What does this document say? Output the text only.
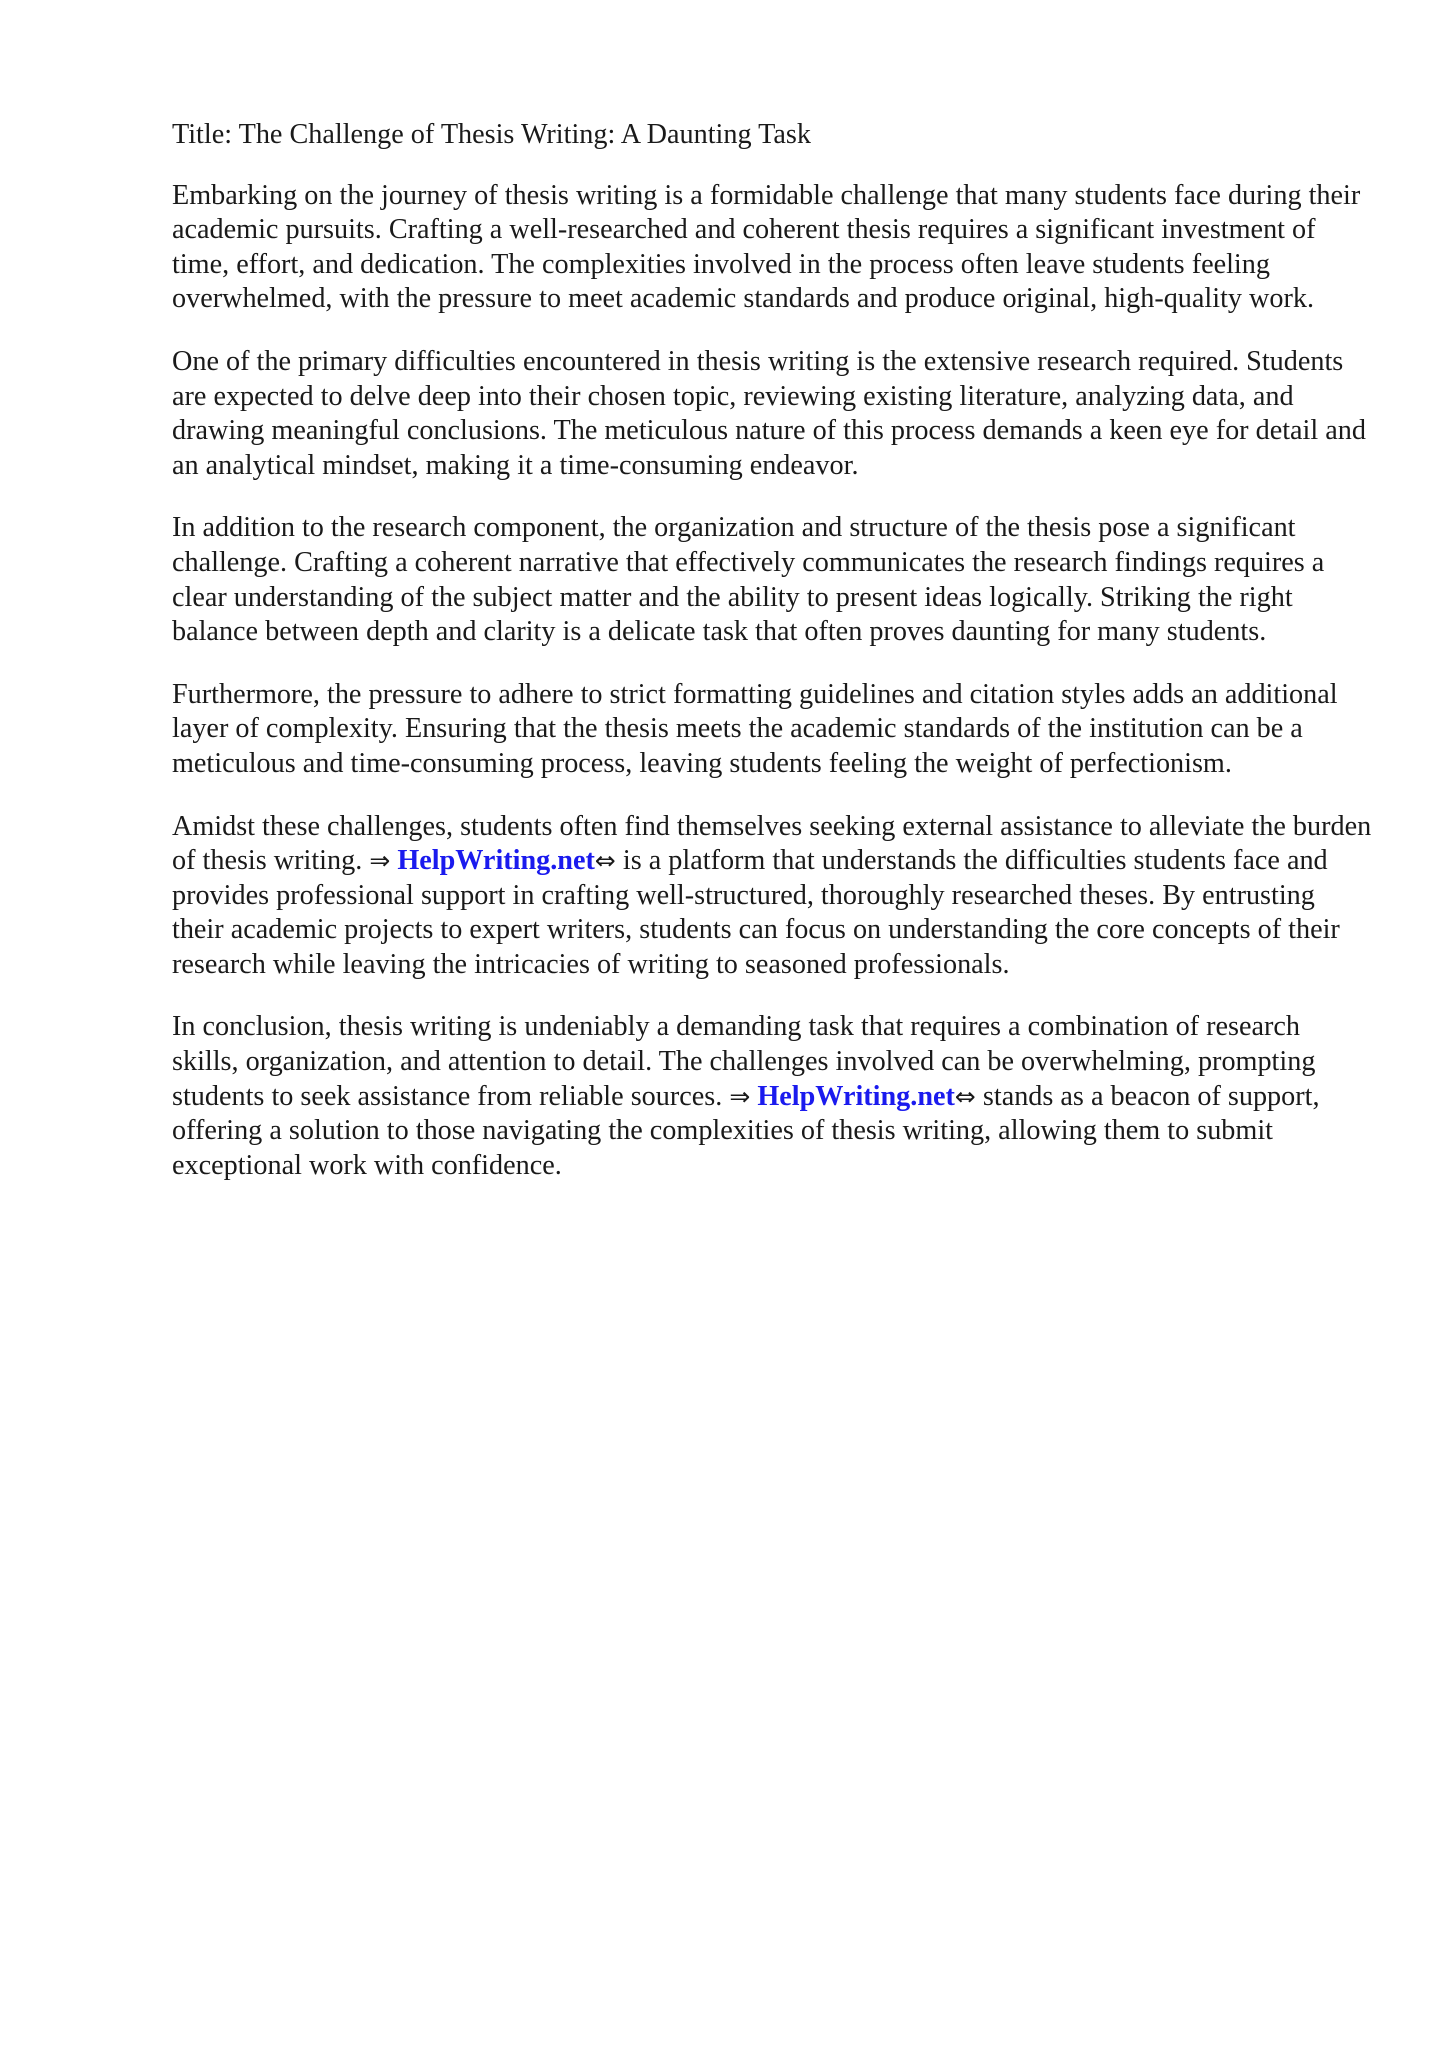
Title: The Challenge of Thesis Writing: A Daunting Task

Embarking on the journey of thesis writing is a formidable challenge that many students face during their academic pursuits. Crafting a well-researched and coherent thesis requires a significant investment of time, effort, and dedication. The complexities involved in the process often leave students feeling overwhelmed, with the pressure to meet academic standards and produce original, high-quality work.

One of the primary difficulties encountered in thesis writing is the extensive research required. Students are expected to delve deep into their chosen topic, reviewing existing literature, analyzing data, and drawing meaningful conclusions. The meticulous nature of this process demands a keen eye for detail and an analytical mindset, making it a time-consuming endeavor.

In addition to the research component, the organization and structure of the thesis pose a significant challenge. Crafting a coherent narrative that effectively communicates the research findings requires a clear understanding of the subject matter and the ability to present ideas logically. Striking the right balance between depth and clarity is a delicate task that often proves daunting for many students.

Furthermore, the pressure to adhere to strict formatting guidelines and citation styles adds an additional layer of complexity. Ensuring that the thesis meets the academic standards of the institution can be a meticulous and time-consuming process, leaving students feeling the weight of perfectionism.

Amidst these challenges, students often find themselves seeking external assistance to alleviate the burden of thesis writing. ⇒ HelpWriting.net⇔ is a platform that understands the difficulties students face and provides professional support in crafting well-structured, thoroughly researched theses. By entrusting their academic projects to expert writers, students can focus on understanding the core concepts of their research while leaving the intricacies of writing to seasoned professionals.

In conclusion, thesis writing is undeniably a demanding task that requires a combination of research skills, organization, and attention to detail. The challenges involved can be overwhelming, prompting students to seek assistance from reliable sources. ⇒ HelpWriting.net⇔ stands as a beacon of support, offering a solution to those navigating the complexities of thesis writing, allowing them to submit exceptional work with confidence.
